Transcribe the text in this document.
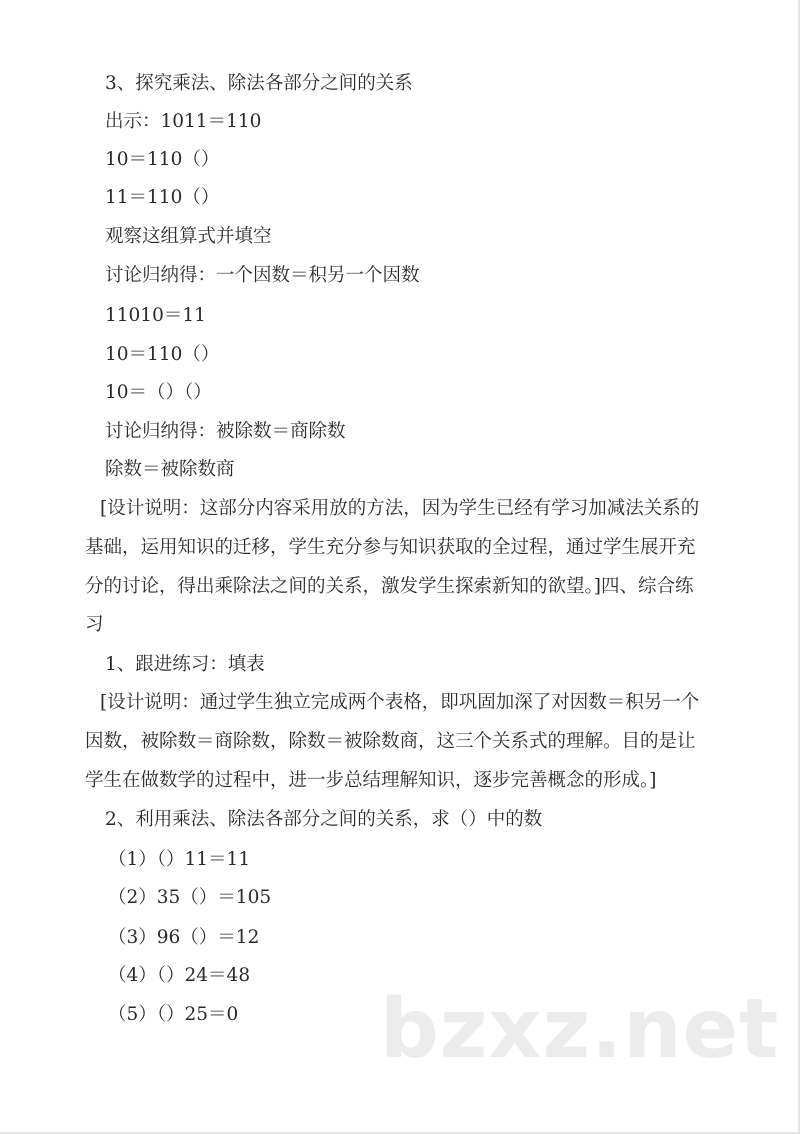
3、探究乘法、除法各部分之间的关系
出示：1011＝110
10＝110（）
11＝110（）
观察这组算式并填空
讨论归纳得：一个因数＝积另一个因数
11010＝11
10＝110（）
10＝（）（）
讨论归纳得：被除数＝商除数
除数＝被除数商
[设计说明：这部分内容采用放的方法，因为学生已经有学习加减法关系的
基础，运用知识的迁移，学生充分参与知识获取的全过程，通过学生展开充
分的讨论，得出乘除法之间的关系，激发学生探索新知的欲望。]四、综合练
习
1、跟进练习：填表
[设计说明：通过学生独立完成两个表格，即巩固加深了对因数＝积另一个
因数，被除数＝商除数，除数＝被除数商，这三个关系式的理解。目的是让
学生在做数学的过程中，进一步总结理解知识，逐步完善概念的形成。]
2、利用乘法、除法各部分之间的关系，求（）中的数
（1）（）11＝11
（2）35（）＝105
（3）96（）＝12
（4）（）24＝48
（5）（）25＝0 bzxz.net
